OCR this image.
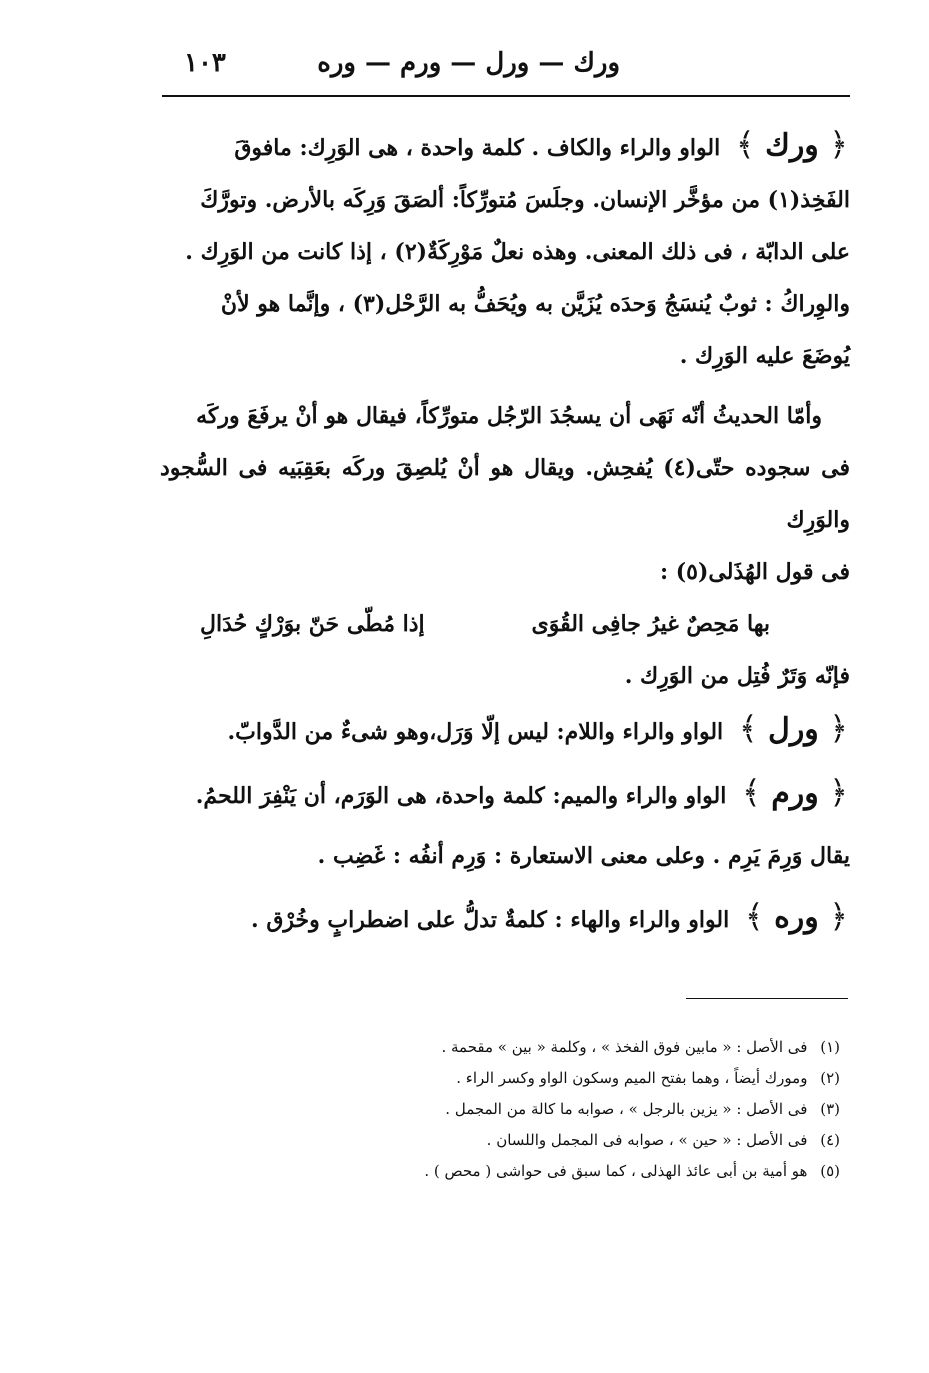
ورك — ورل — ورم — وره
١٠٣
﴿ ورك ﴾ الواو والراء والكاف . كلمة واحدة ، هى الوَرِك: مافوقَ
الفَخِذ(١) من مؤخَّر الإنسان. وجلَسَ مُتورِّكاً: ألصَقَ وَرِكَه بالأرض. وتورَّكَ
على الدابّة ، فى ذلك المعنى. وهذه نعلٌ مَوْرِكَةٌ(٢) ، إذا كانت من الوَرِك .
والوِراكُ : ثوبٌ يُنسَجُ وَحدَه يُزَيَّن به ويُحَفُّ به الرَّحْل(٣) ، وإنَّما هو لأنْ
يُوضَعَ عليه الوَرِك .
وأمّا الحديثُ أنّه نَهَى أن يسجُدَ الرّجُل متورِّكاً، فيقال هو أنْ يرفَعَ وركَه
فى سجوده حتّى(٤) يُفحِش. ويقال هو أنْ يُلصِقَ وركَه بعَقِبَيه فى السُّجود والوَرِك
فى قول الهُذَلى(٥) :
بها مَحِصٌ غيرُ جافِى القُوَى
إذا مُطّى حَنّ بوَرْكٍ حُدَالِ
فإنّه وَتَرٌ فُتِل من الوَرِك .
﴿ ورل ﴾ الواو والراء واللام: ليس إلّا وَرَل،وهو شىءٌ من الدَّوابّ.
﴿ ورم ﴾ الواو والراء والميم: كلمة واحدة، هى الوَرَم، أن يَنْفِرَ اللحمُ.
يقال وَرِمَ يَرِم . وعلى معنى الاستعارة : وَرِم أنفُه : غَضِب .
﴿ وره ﴾ الواو والراء والهاء : كلمةٌ تدلُّ على اضطرابٍ وخُرْق .
(١) فى الأصل : « مابين فوق الفخذ » ، وكلمة « بين » مقحمة .
(٢) ومورك أيضاً ، وهما بفتح الميم وسكون الواو وكسر الراء .
(٣) فى الأصل : « يزين بالرجل » ، صوابه ما كالة من المجمل .
(٤) فى الأصل : « حين » ، صوابه فى المجمل واللسان .
(٥) هو أمية بن أبى عائذ الهذلى ، كما سبق فى حواشى ( محص ) .
